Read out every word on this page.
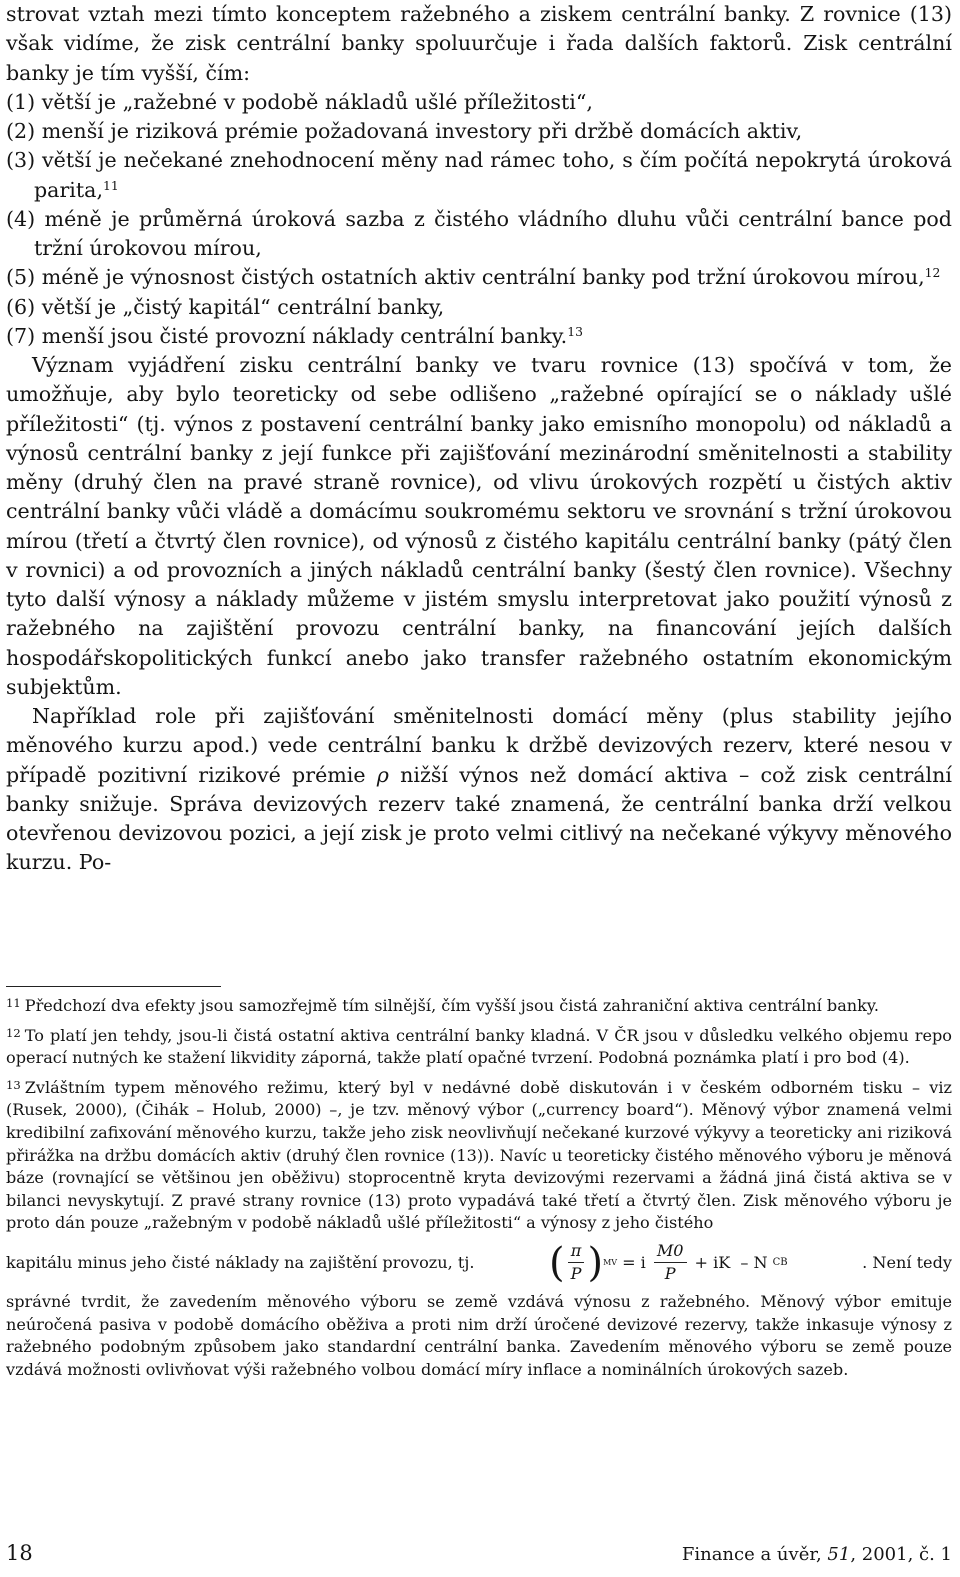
strovat vztah mezi tímto konceptem ražebného a ziskem centrální banky. Z rovnice (13) však vidíme, že zisk centrální banky spoluurčuje i řada dalších faktorů. Zisk centrální banky je tím vyšší, čím:

(1) větší je „ražebné v podobě nákladů ušlé příležitosti“,

(2) menší je riziková prémie požadovaná investory při držbě domácích aktiv,

(3) větší je nečekané znehodnocení měny nad rámec toho, s čím počítá nepokrytá úroková parita,$^{11}$

(4) méně je průměrná úroková sazba z čistého vládního dluhu vůči centrální bance pod tržní úrokovou mírou,

(5) méně je výnosnost čistých ostatních aktiv centrální banky pod tržní úrokovou mírou,$^{12}$

(6) větší je „čistý kapitál“ centrální banky,

(7) menší jsou čisté provozní náklady centrální banky.$^{13}$

Význam vyjádření zisku centrální banky ve tvaru rovnice (13) spočívá v tom, že umožňuje, aby bylo teoreticky od sebe odlišeno „ražebné opírající se o náklady ušlé příležitosti“ (tj. výnos z postavení centrální banky jako emisního monopolu) od nákladů a výnosů centrální banky z její funkce při zajišťování mezinárodní směnitelnosti a stability měny (druhý člen na pravé straně rovnice), od vlivu úrokových rozpětí u čistých aktiv centrální banky vůči vládě a domácímu soukromému sektoru ve srovnání s tržní úrokovou mírou (třetí a čtvrtý člen rovnice), od výnosů z čistého kapitálu centrální banky (pátý člen v rovnici) a od provozních a jiných nákladů centrální banky (šestý člen rovnice). Všechny tyto další výnosy a náklady můžeme v jistém smyslu interpretovat jako použití výnosů z ražebného na zajištění provozu centrální banky, na financování jejích dalších hospodářskopolitických funkcí anebo jako transfer ražebného ostatním ekonomickým subjektům.

Například role při zajišťování směnitelnosti domácí měny (plus stability jejího měnového kurzu apod.) vede centrální banku k držbě devizových rezerv, které nesou v případě pozitivní rizikové prémie ρ nižší výnos než domácí aktiva – což zisk centrální banky snižuje. Správa devizových rezerv také znamená, že centrální banka drží velkou otevřenou devizovou pozici, a její zisk je proto velmi citlivý na nečekané výkyvy měnového kurzu. Po-

$^{11}$ Předchozí dva efekty jsou samozřejmě tím silnější, čím vyšší jsou čistá zahraniční aktiva centrální banky.

$^{12}$ To platí jen tehdy, jsou-li čistá ostatní aktiva centrální banky kladná. V ČR jsou v důsledku velkého objemu repo operací nutných ke stažení likvidity záporná, takže platí opačné tvrzení. Podobná poznámka platí i pro bod (4).

$^{13}$ Zvláštním typem měnového režimu, který byl v nedávné době diskutován i v českém odborném tisku – viz (Rusek, 2000), (Čihák – Holub, 2000) –, je tzv. měnový výbor („currency board“). Měnový výbor znamená velmi kredibilní zafixování měnového kurzu, takže jeho zisk neovlivňují nečekané kurzové výkyvy a teoreticky ani riziková přirážka na držbu domácích aktiv (druhý člen rovnice (13)). Navíc u teoreticky čistého měnového výboru je měnová báze (rovnající se většinou jen oběživu) stoprocentně kryta devizovými rezervami a žádná jiná čistá aktiva se v bilanci nevyskytují. Z pravé strany rovnice (13) proto vypadává také třetí a čtvrtý člen. Zisk měnového výboru je proto dán pouze „ražebným v podobě nákladů ušlé příležitosti“ a výnosy z jeho čistého
kapitálu minus jeho čisté náklady na zajištění provozu, tj. ( $\frac{\pi}{P}$ ) MV = i $\frac{M0}{P}$ + iK – N CB	. Není tedy
správné tvrdit, že zavedením měnového výboru se země vzdává výnosu z ražebného. Měnový výbor emituje neúročená pasiva v podobě domácího oběživa a proti nim drží úročené devizové rezervy, takže inkasuje výnosy z ražebného podobným způsobem jako standardní centrální banka. Zavedením měnového výboru se země pouze vzdává možnosti ovlivňovat výši ražebného volbou domácí míry inflace a nominálních úrokových sazeb.
18	Finance a úvěr, 51, 2001, č. 1
